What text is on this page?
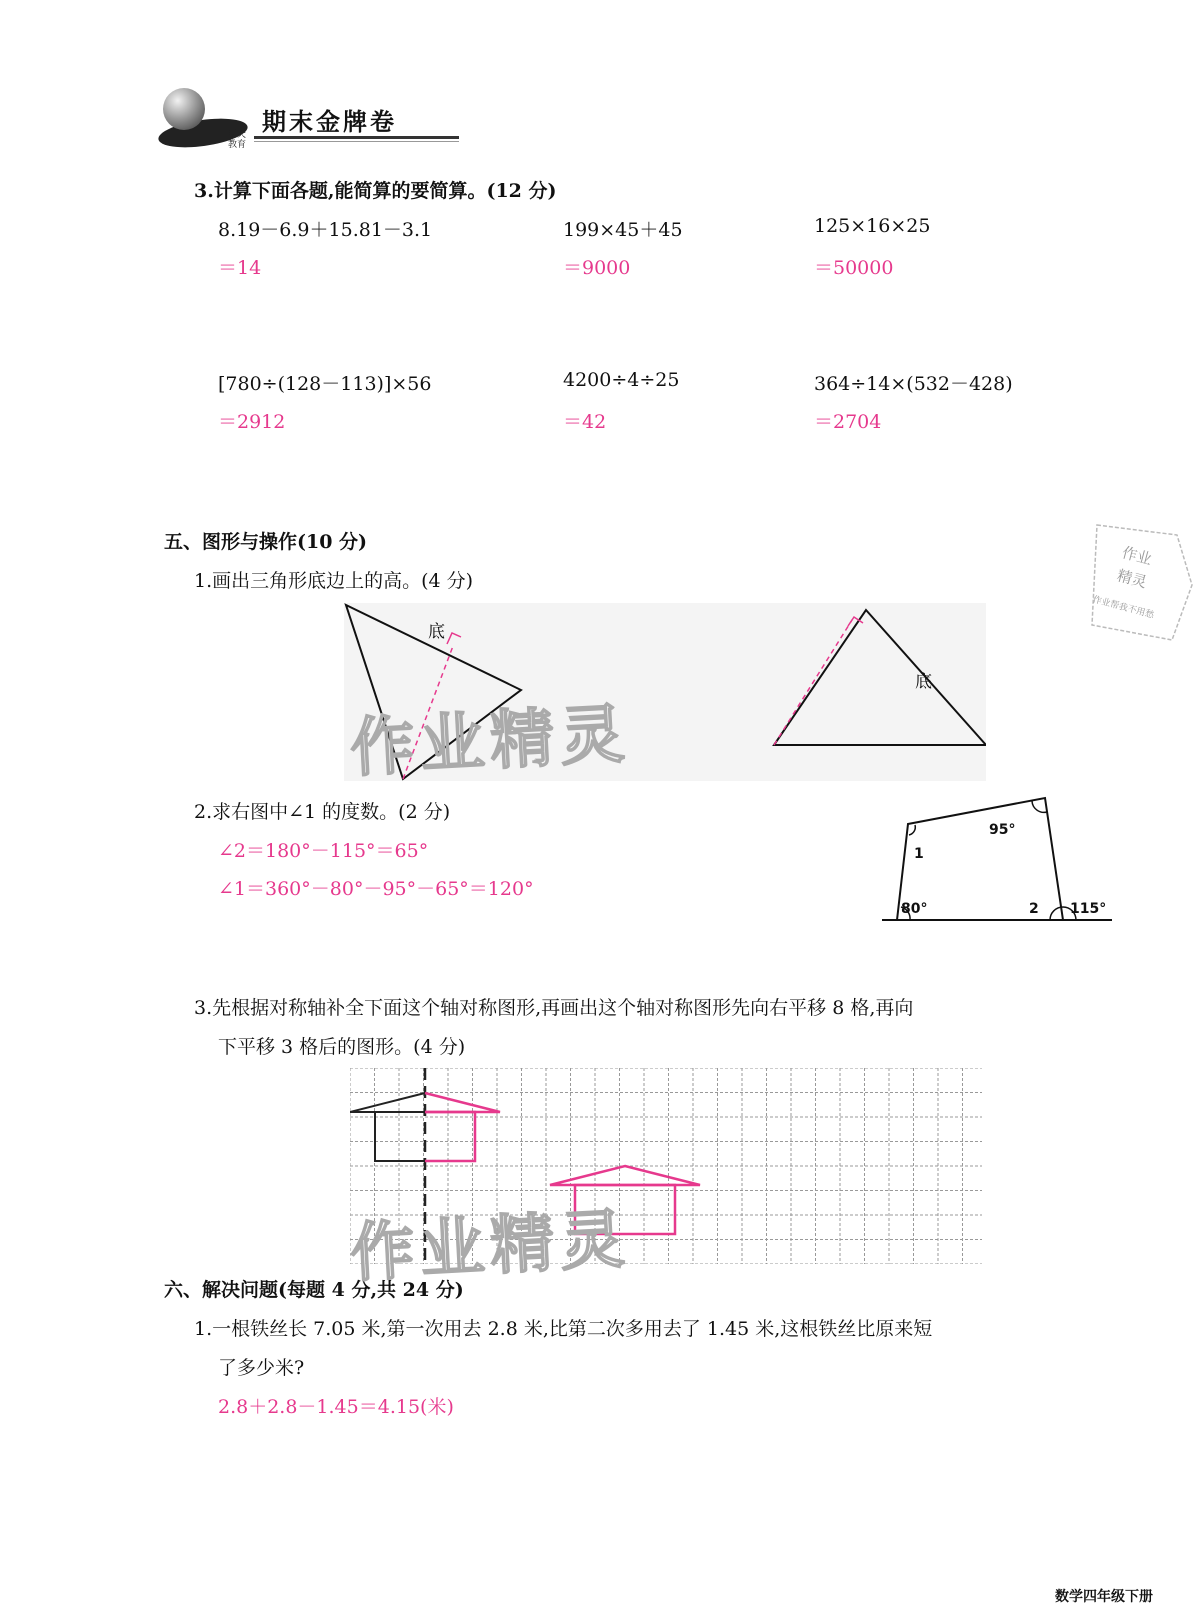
明天
教育
期末金牌卷
3.计算下面各题,能简算的要简算。(12 分)
8.19－6.9＋15.81－3.1
＝14
199×45＋45
＝9000
125×16×25
＝50000
[780÷(128－113)]×56
＝2912
4200÷4÷25
＝42
364÷14×(532－428)
＝2704
五、图形与操作(10 分)
1.画出三角形底边上的高。(4 分)
底
底
2.求右图中∠1 的度数。(2 分)
∠2＝180°－115°＝65°
∠1＝360°－80°－95°－65°＝120°
95°
1
80°	2 115°
3.先根据对称轴补全下面这个轴对称图形,再画出这个轴对称图形先向右平移 8 格,再向
下平移 3 格后的图形。(4 分)
六、解决问题(每题 4 分,共 24 分)
1.一根铁丝长 7.05 米,第一次用去 2.8 米,比第二次多用去了 1.45 米,这根铁丝比原来短
了多少米?
2.8＋2.8－1.45＝4.15(米)
作业精灵
作业精灵
作业
精灵
作业帮我不用愁
数学四年级下册
